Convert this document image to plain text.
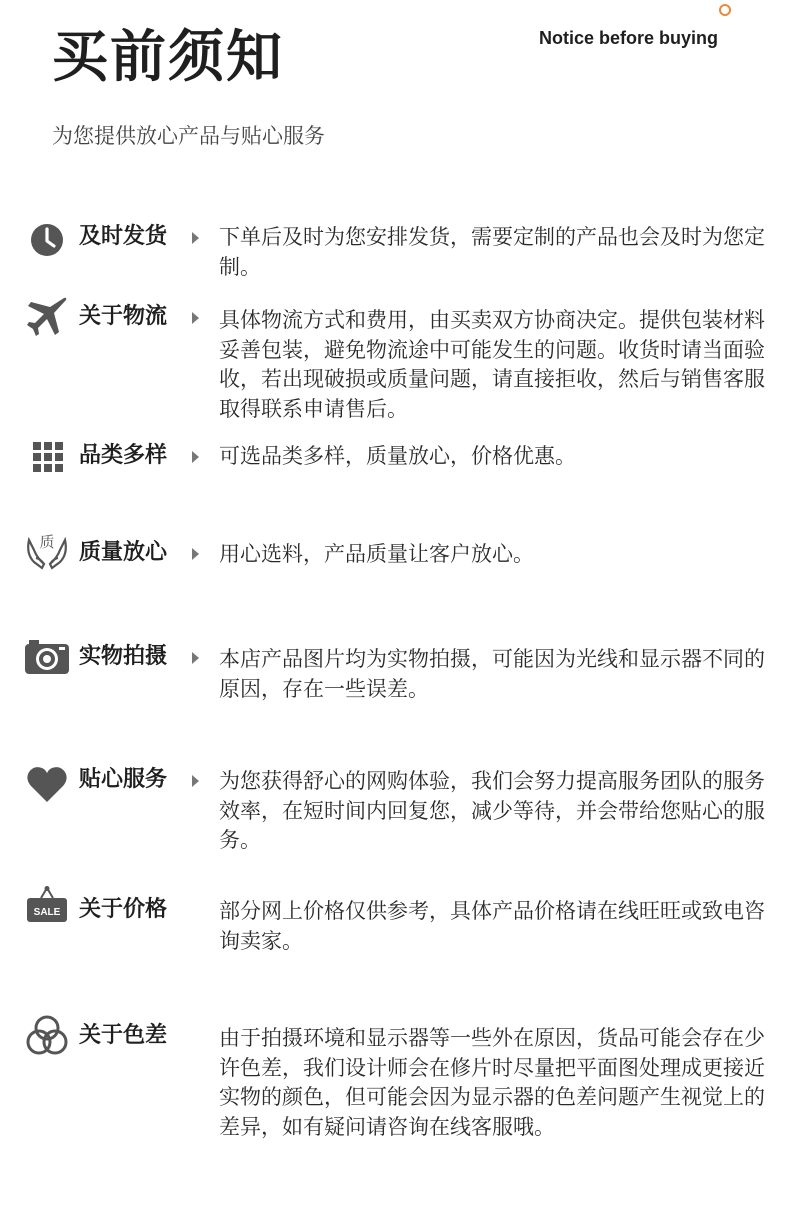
买前须知	Notice before buying
为您提供放心产品与贴心服务
及时发货 下单后及时为您安排发货，需要定制的产品也会及时为您定制。
关于物流 具体物流方式和费用，由买卖双方协商决定。提供包装材料妥善包装，避免物流途中可能发生的问题。收货时请当面验收，若出现破损或质量问题，请直接拒收，然后与销售客服取得联系申请售后。
品类多样 可选品类多样，质量放心，价格优惠。
质 质量放心 用心选料，产品质量让客户放心。
实物拍摄 本店产品图片均为实物拍摄，可能因为光线和显示器不同的原因，存在一些误差。
贴心服务 为您获得舒心的网购体验，我们会努力提高服务团队的服务效率，在短时间内回复您，减少等待，并会带给您贴心的服务。
SALE 关于价格 部分网上价格仅供参考，具体产品价格请在线旺旺或致电咨询卖家。
关于色差 由于拍摄环境和显示器等一些外在原因，货品可能会存在少许色差，我们设计师会在修片时尽量把平面图处理成更接近实物的颜色，但可能会因为显示器的色差问题产生视觉上的差异，如有疑问请咨询在线客服哦。
